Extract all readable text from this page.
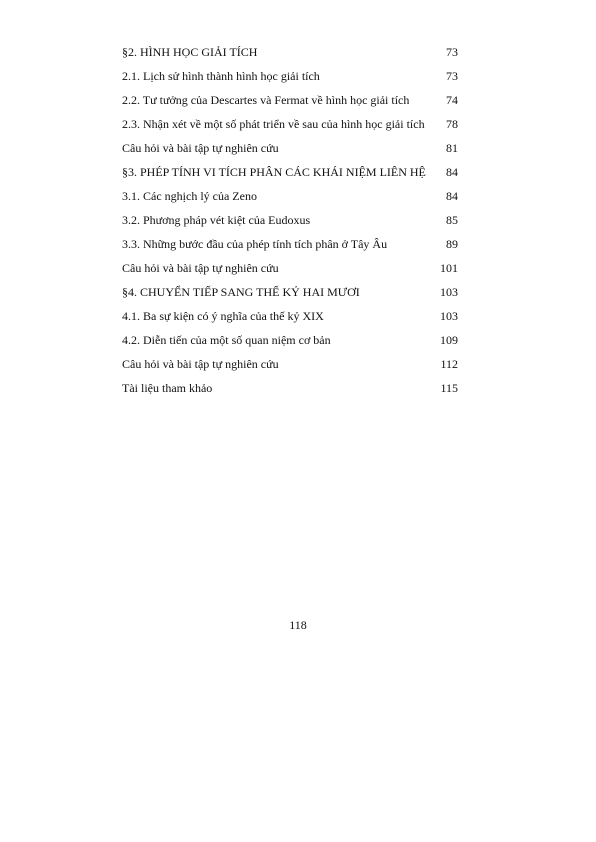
§2. HÌNH HỌC GIẢI TÍCH	73
2.1. Lịch sử hình thành hình học giải tích	73
2.2. Tư tưởng của Descartes và Fermat về hình học giải tích	74
2.3. Nhận xét về một số phát triển về sau của hình học giải tích	78
Câu hỏi và bài tập tự nghiên cứu	81
§3. PHÉP TÍNH VI TÍCH PHÂN CÁC KHÁI NIỆM LIÊN HỆ	84
3.1. Các nghịch lý của Zeno	84
3.2. Phương pháp vét kiệt của Eudoxus	85
3.3. Những bước đầu của phép tính tích phân ở Tây Âu	89
Câu hỏi và bài tập tự nghiên cứu	101
§4. CHUYỂN TIẾP SANG THẾ KỶ HAI MƯƠI	103
4.1. Ba sự kiện có ý nghĩa của thế kỷ XIX	103
4.2. Diễn tiến của một số quan niệm cơ bản	109
Câu hỏi và bài tập tự nghiên cứu	112
Tài liệu tham khảo	115
118
